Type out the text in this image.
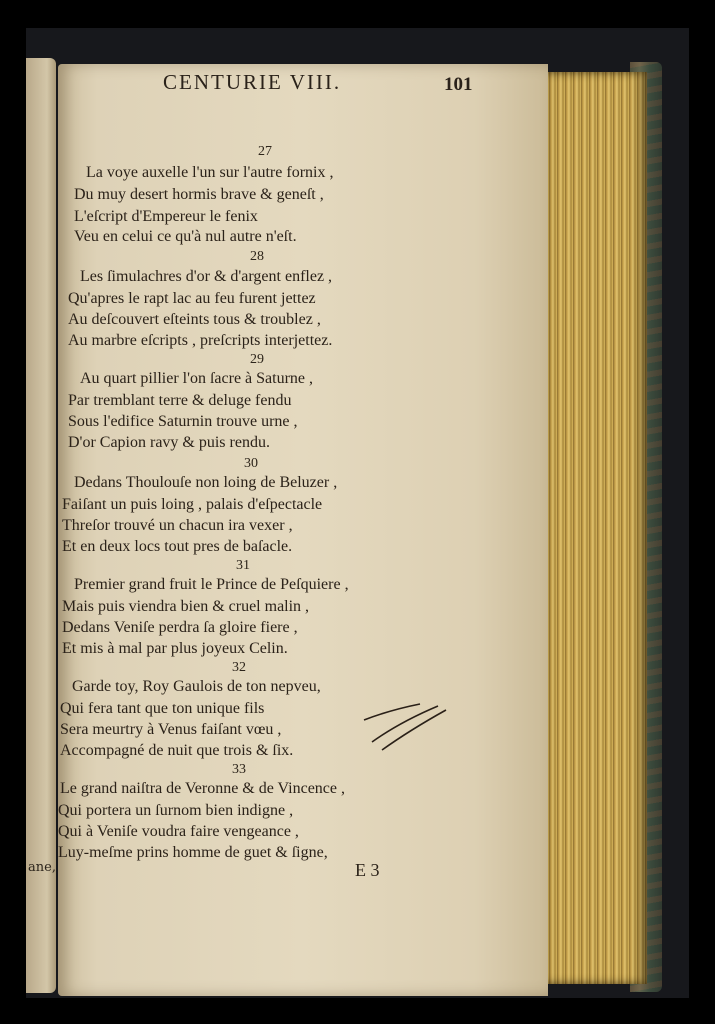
ane,
CENTURIE VIII.	101
27
La voye auxelle l'un sur l'autre fornix ,
Du muy desert hormis brave & geneſt ,
L'eſcript d'Empereur le fenix
Veu en celui ce qu'à nul autre n'eſt.
28
Les ſimulachres d'or & d'argent enflez ,
Qu'apres le rapt lac au feu furent jettez
Au deſcouvert eſteints tous & troublez ,
Au marbre eſcripts , preſcripts interjettez.
29
Au quart pillier l'on ſacre à Saturne ,
Par tremblant terre & deluge fendu
Sous l'edifice Saturnin trouve urne ,
D'or Capion ravy & puis rendu.
30
Dedans Thoulouſe non loing de Beluzer ,
Faiſant un puis loing , palais d'eſpectacle
Threſor trouvé un chacun ira vexer ,
Et en deux locs tout pres de baſacle.
31
Premier grand fruit le Prince de Peſquiere ,
Mais puis viendra bien & cruel malin ,
Dedans Veniſe perdra ſa gloire fiere ,
Et mis à mal par plus joyeux Celin.
32
Garde toy, Roy Gaulois de ton nepveu,
Qui fera tant que ton unique fils
Sera meurtry à Venus faiſant vœu ,
Accompagné de nuit que trois & ſix.
33
Le grand naiſtra de Veronne & de Vincence ,
Qui portera un ſurnom bien indigne ,
Qui à Veniſe voudra faire vengeance ,
Luy-meſme prins homme de guet & ſigne,
E 3
